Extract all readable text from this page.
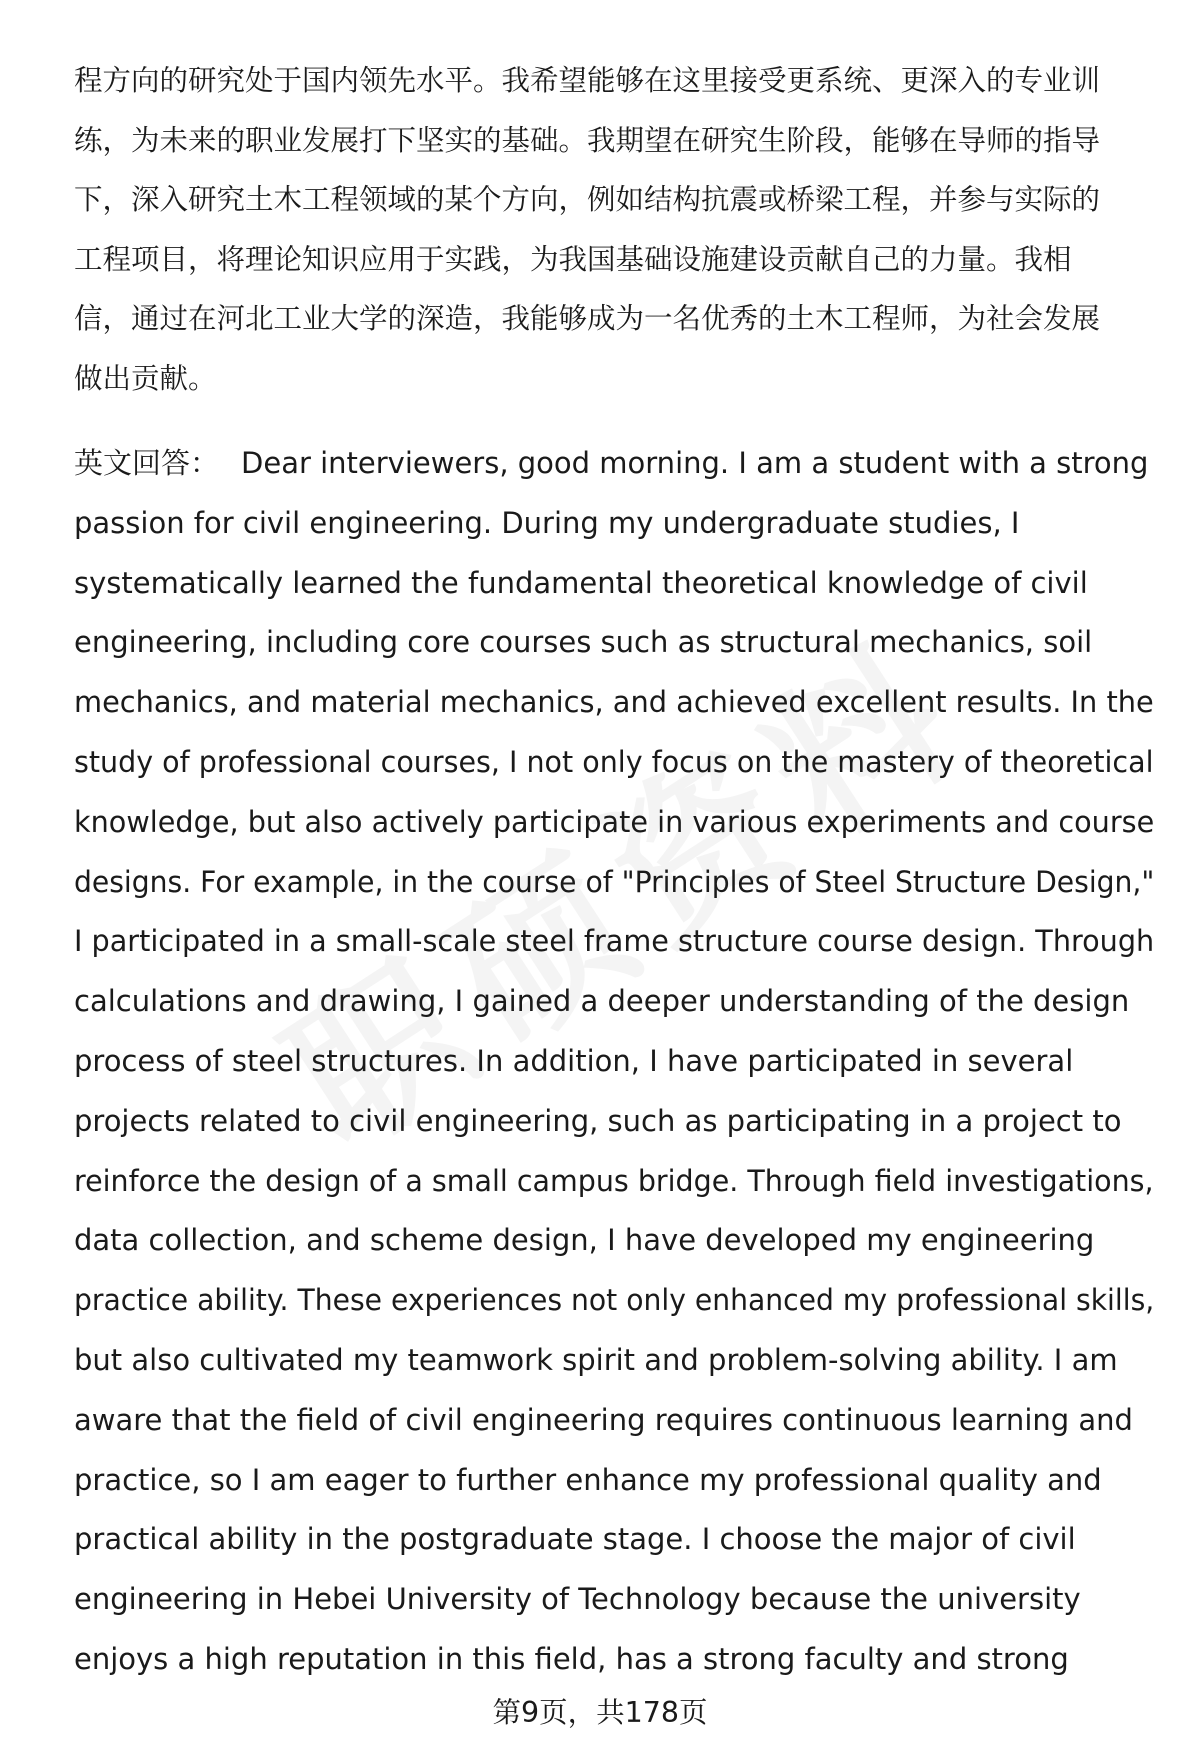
程方向的研究处于国内领先水平。我希望能够在这里接受更系统、更深入的专业训
练，为未来的职业发展打下坚实的基础。我期望在研究生阶段，能够在导师的指导
下，深入研究土木工程领域的某个方向，例如结构抗震或桥梁工程，并参与实际的
工程项目，将理论知识应用于实践，为我国基础设施建设贡献自己的力量。我相
信，通过在河北工业大学的深造，我能够成为一名优秀的土木工程师，为社会发展
做出贡献。
英文回答： Dear interviewers, good morning. I am a student with a strong
passion for civil engineering. During my undergraduate studies, I
systematically learned the fundamental theoretical knowledge of civil
engineering, including core courses such as structural mechanics, soil
mechanics, and material mechanics, and achieved excellent results. In the
study of professional courses, I not only focus on the mastery of theoretical
knowledge, but also actively participate in various experiments and course
designs. For example, in the course of "Principles of Steel Structure Design,"
I participated in a small-scale steel frame structure course design. Through
calculations and drawing, I gained a deeper understanding of the design
process of steel structures. In addition, I have participated in several
projects related to civil engineering, such as participating in a project to
reinforce the design of a small campus bridge. Through field investigations,
data collection, and scheme design, I have developed my engineering
practice ability. These experiences not only enhanced my professional skills,
but also cultivated my teamwork spirit and problem-solving ability. I am
aware that the field of civil engineering requires continuous learning and
practice, so I am eager to further enhance my professional quality and
practical ability in the postgraduate stage. I choose the major of civil
engineering in Hebei University of Technology because the university
enjoys a high reputation in this field, has a strong faculty and strong
第9页，共178页
